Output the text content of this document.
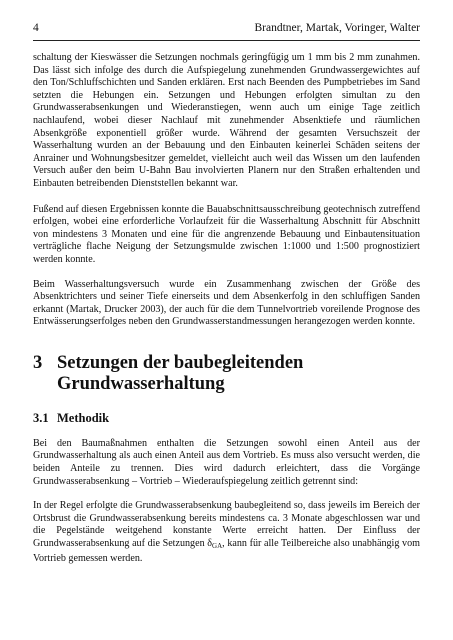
4	Brandtner, Martak, Voringer, Walter

schaltung der Kieswässer die Setzungen nochmals geringfügig um 1 mm bis 2 mm zunahmen. Das lässt sich infolge des durch die Aufspiegelung zunehmenden Grundwassergewichtes auf den Ton/Schluffschichten und Sanden erklären. Erst nach Beenden des Pumpbetriebes im Sand setzten die Hebungen ein. Setzungen und Hebungen erfolgten simultan zu den Grundwasserabsenkungen und Wiederanstiegen, wenn auch um einige Tage zeitlich nachlaufend, wobei dieser Nachlauf mit zunehmender Absenktiefe und räumlichen Absenkgröße exponentiell größer wurde. Während der gesamten Versuchszeit der Wasserhaltung wurden an der Bebauung und den Einbauten keinerlei Schäden seitens der Anrainer und Wohnungsbesitzer gemeldet, vielleicht auch weil das Wissen um den laufenden Versuch außer den beim U-Bahn Bau involvierten Planern nur den Straßen erhaltenden und Einbauten betreibenden Dienststellen bekannt war.

Fußend auf diesen Ergebnissen konnte die Bauabschnittsausschreibung geotechnisch zutreffend erfolgen, wobei eine erforderliche Vorlaufzeit für die Wasserhaltung Abschnitt für Abschnitt von mindestens 3 Monaten und eine für die angrenzende Bebauung und Einbautensituation verträgliche flache Neigung der Setzungsmulde zwischen 1:1000 und 1:500 prognostiziert werden konnte.

Beim Wasserhaltungsversuch wurde ein Zusammenhang zwischen der Größe des Absenktrichters und seiner Tiefe einerseits und dem Absenkerfolg in den schluffigen Sanden erkannt (Martak, Drucker 2003), der auch für die dem Tunnelvortrieb voreilende Prognose des Entwässerungserfolges neben den Grundwasserstandmessungen herangezogen werden konnte.

3 Setzungen der baubegleitenden Grundwasserhaltung
3.1 Methodik

Bei den Baumaßnahmen enthalten die Setzungen sowohl einen Anteil aus der Grundwasserhaltung als auch einen Anteil aus dem Vortrieb. Es muss also versucht werden, die beiden Anteile zu trennen. Dies wird dadurch erleichtert, dass die Vorgänge Grundwasserabsenkung – Vortrieb – Wiederaufspiegelung zeitlich getrennt sind:

In der Regel erfolgte die Grundwasserabsenkung baubegleitend so, dass jeweils im Bereich der Ortsbrust die Grundwasserabsenkung bereits mindestens ca. 3 Monate abgeschlossen war und die Pegelstände weitgehend konstante Werte erreicht hatten. Der Einfluss der Grundwasserabsenkung auf die Setzungen $\delta_{GA}$, kann für alle Teilbereiche also unabhängig vom Vortrieb gemessen werden.
